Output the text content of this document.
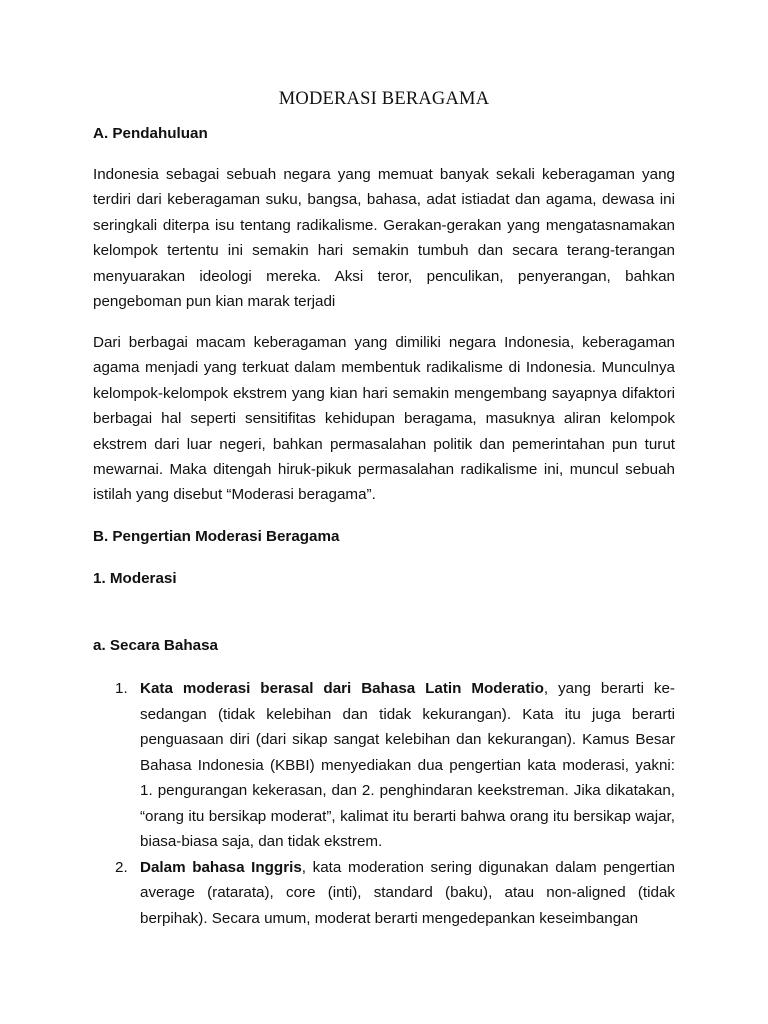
MODERASI BERAGAMA

A. Pendahuluan

Indonesia sebagai sebuah negara yang memuat banyak sekali keberagaman yang terdiri dari keberagaman suku, bangsa, bahasa, adat istiadat dan agama, dewasa ini seringkali diterpa isu tentang radikalisme. Gerakan-gerakan yang mengatasnamakan kelompok tertentu ini semakin hari semakin tumbuh dan secara terang-terangan menyuarakan ideologi mereka. Aksi teror, penculikan, penyerangan, bahkan pengeboman pun kian marak terjadi

Dari berbagai macam keberagaman yang dimiliki negara Indonesia, keberagaman agama menjadi yang terkuat dalam membentuk radikalisme di Indonesia. Munculnya kelompok-kelompok ekstrem yang kian hari semakin mengembang sayapnya difaktori berbagai hal seperti sensitifitas kehidupan beragama, masuknya aliran kelompok ekstrem dari luar negeri, bahkan permasalahan politik dan pemerintahan pun turut mewarnai. Maka ditengah hiruk-pikuk permasalahan radikalisme ini, muncul sebuah istilah yang disebut “Moderasi beragama”.

B. Pengertian Moderasi Beragama

1. Moderasi

a. Secara Bahasa

1. Kata moderasi berasal dari Bahasa Latin Moderatio, yang berarti ke-sedangan (tidak kelebihan dan tidak kekurangan). Kata itu juga berarti penguasaan diri (dari sikap sangat kelebihan dan kekurangan). Kamus Besar Bahasa Indonesia (KBBI) menyediakan dua pengertian kata moderasi, yakni: 1. pengurangan kekerasan, dan 2. penghindaran keekstreman. Jika dikatakan, “orang itu bersikap moderat”, kalimat itu berarti bahwa orang itu bersikap wajar, biasa-biasa saja, dan tidak ekstrem.
2. Dalam bahasa Inggris, kata moderation sering digunakan dalam pengertian average (ratarata), core (inti), standard (baku), atau non-aligned (tidak berpihak). Secara umum, moderat berarti mengedepankan keseimbangan
